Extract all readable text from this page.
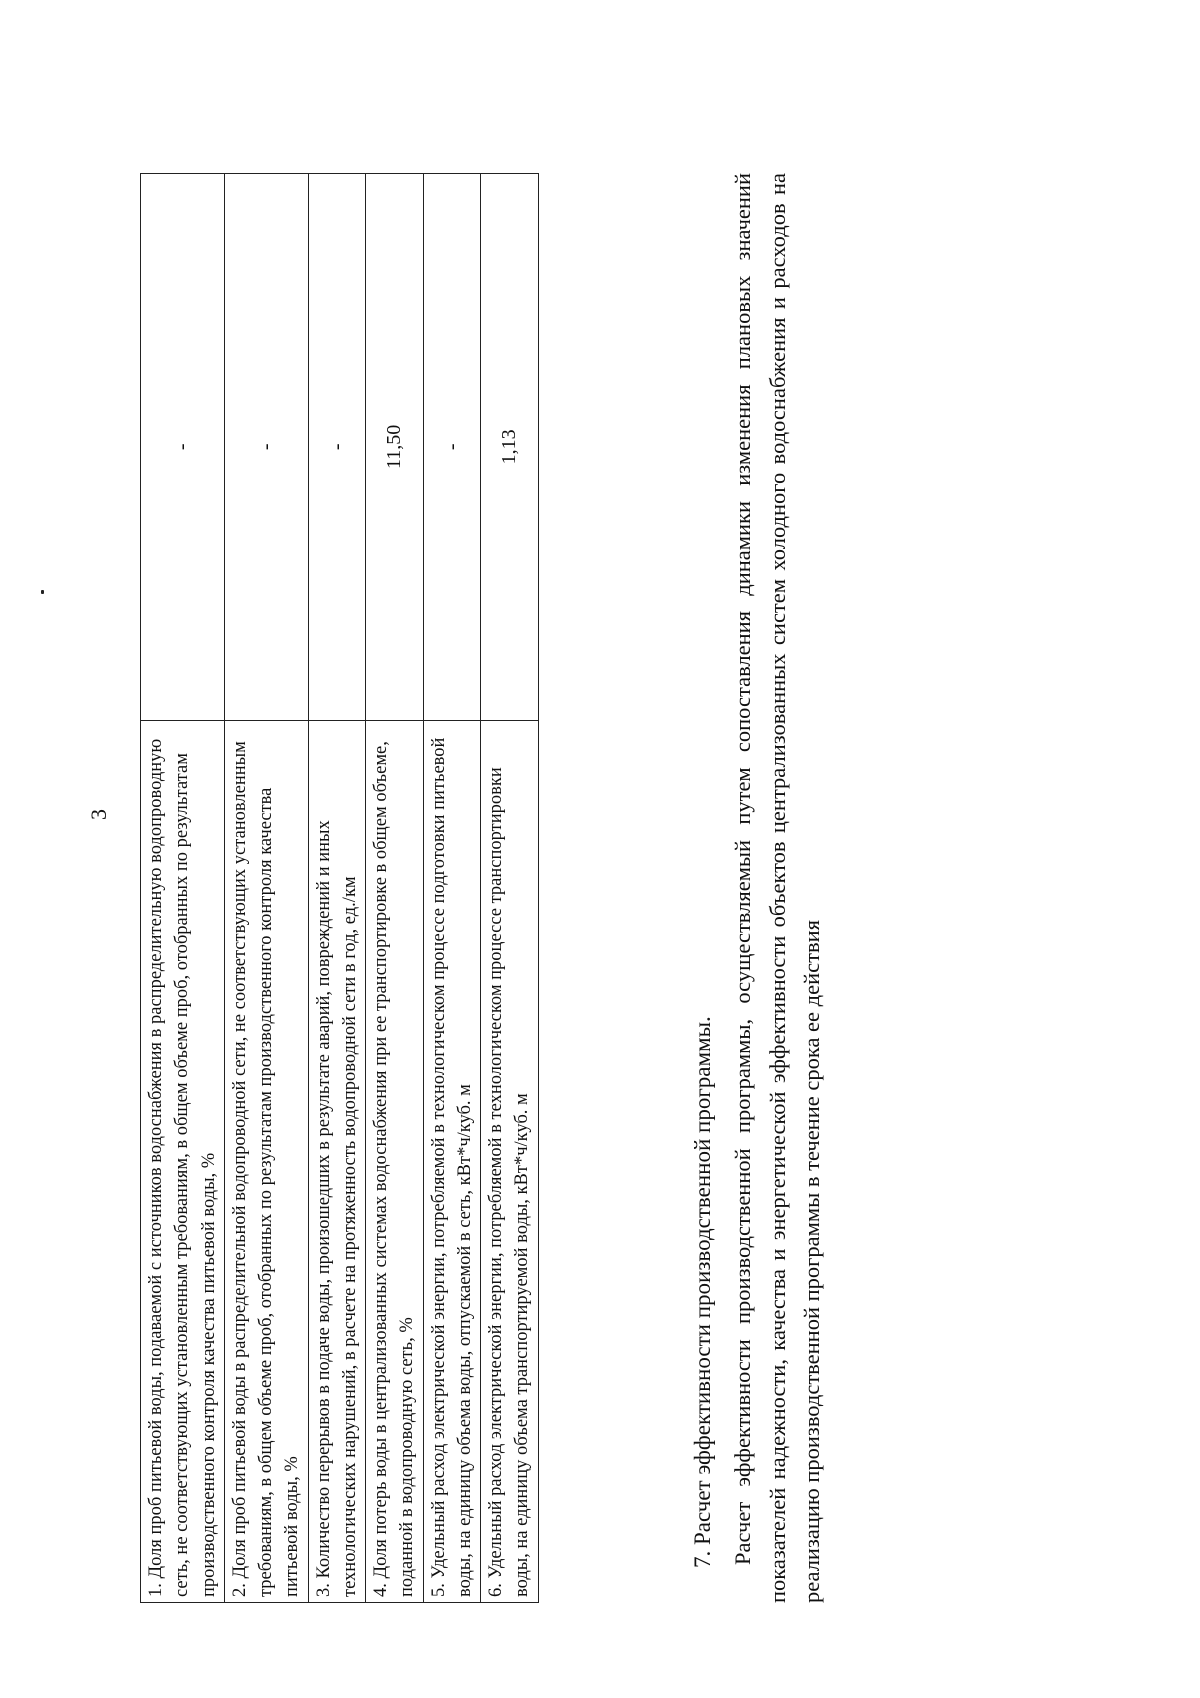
3 1. Доля проб питьевой воды, подаваемой с источников водоснабжения в распределительную водопроводную сеть, не соответствующих установленным требованиям, в общем объеме проб, отобранных по результатам производственного контроля качества питьевой воды, %	-
2. Доля проб питьевой воды в распределительной водопроводной сети, не соответствующих установленным требованиям, в общем объеме проб, отобранных по результатам производственного контроля качества питьевой воды, %	-
3. Количество перерывов в подаче воды, произошедших в результате аварий, повреждений и иных технологических нарушений, в расчете на протяженность водопроводной сети в год, ед./км	-
4. Доля потерь воды в централизованных системах водоснабжения при ее транспортировке в общем объеме, поданной в водопроводную сеть, %	11,50
5. Удельный расход электрической энергии, потребляемой в технологическом процессе подготовки питьевой воды, на единицу объема воды, отпускаемой в сеть, кВт*ч/куб. м	-
6. Удельный расход электрической энергии, потребляемой в технологическом процессе транспортировки воды, на единицу объема транспортируемой воды, кВт*ч/куб. м	1,13
7. Расчет эффективности производственной программы. Расчет эффективности производственной программы, осуществляемый путем сопоставления динамики изменения плановых значений показателей надежности, качества и энергетической эффективности объектов централизованных систем холодного водоснабжения и расходов на реализацию производственной программы в течение срока ее действия
